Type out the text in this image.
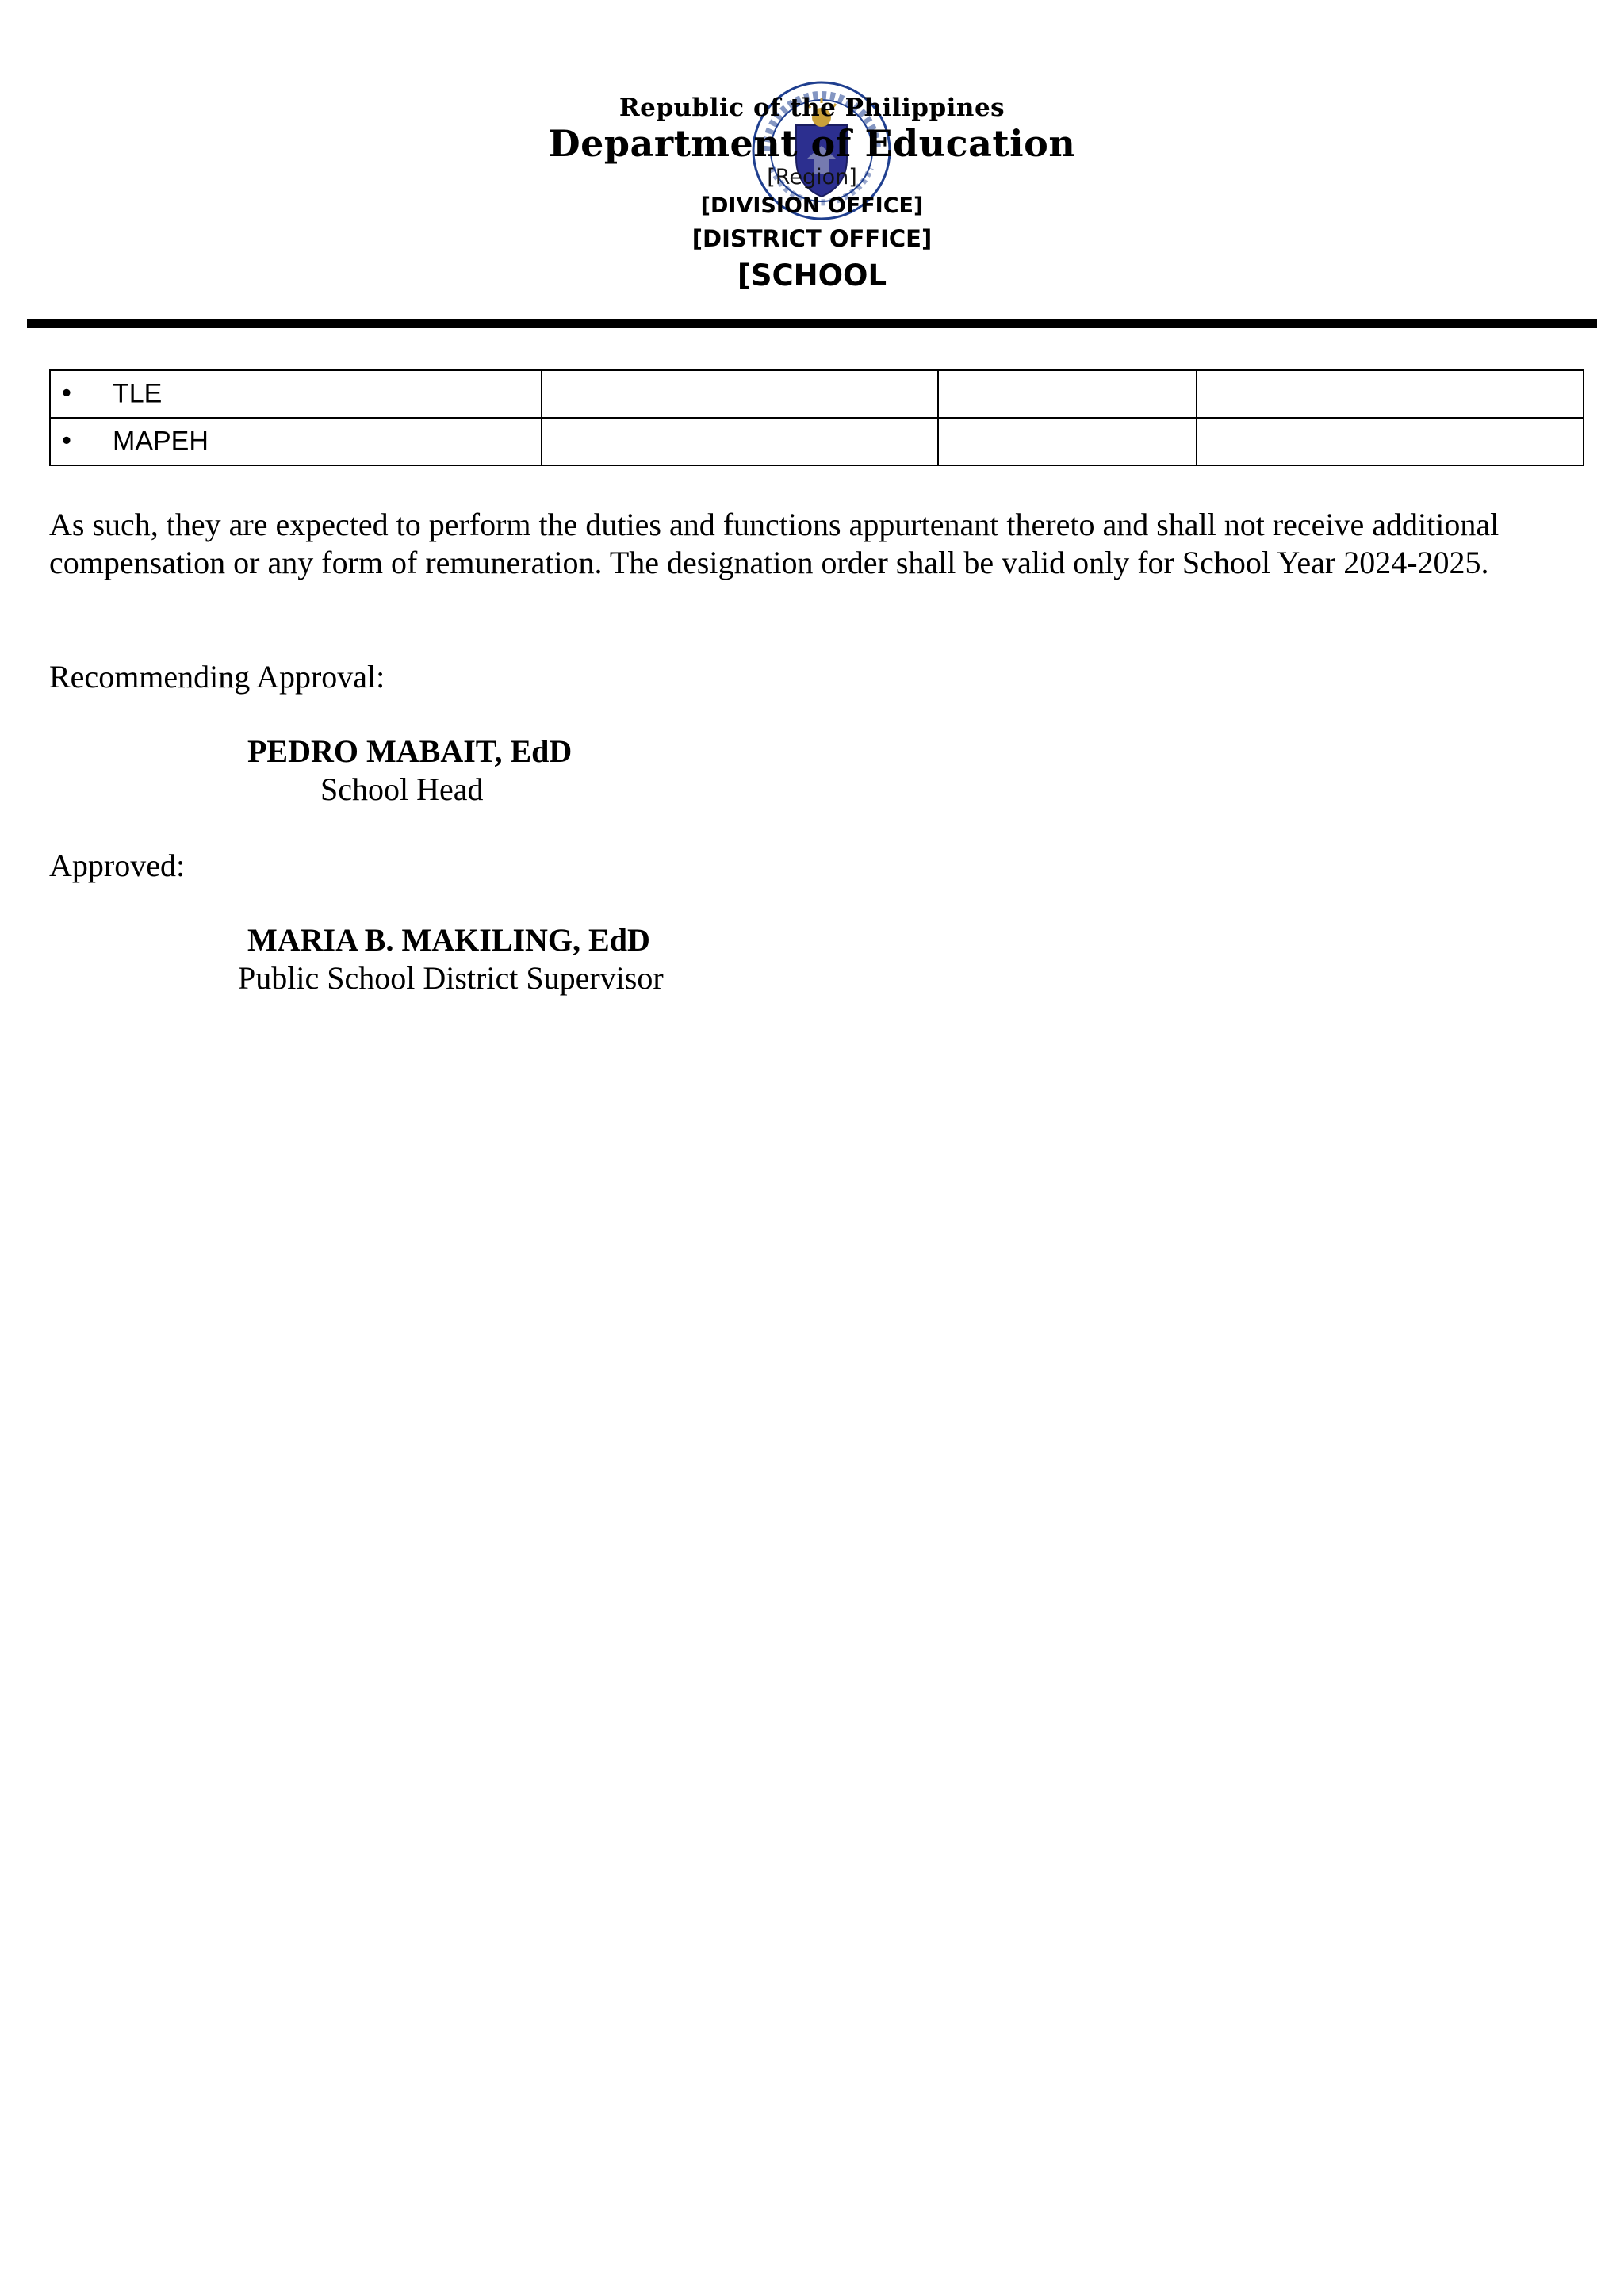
Republic of the Philippines
Department of Education
[Region]
[DIVISION OFFICE]
[DISTRICT OFFICE]
[SCHOOL
• TLE			

• MAPEH			

As such, they are expected to perform the duties and functions appurtenant thereto and shall not receive additional compensation or any form of remuneration. The designation order shall be valid only for School Year 2024-2025.
Recommending Approval:
PEDRO MABAIT, EdD
School Head
Approved:
MARIA B. MAKILING, EdD
Public School District Supervisor
